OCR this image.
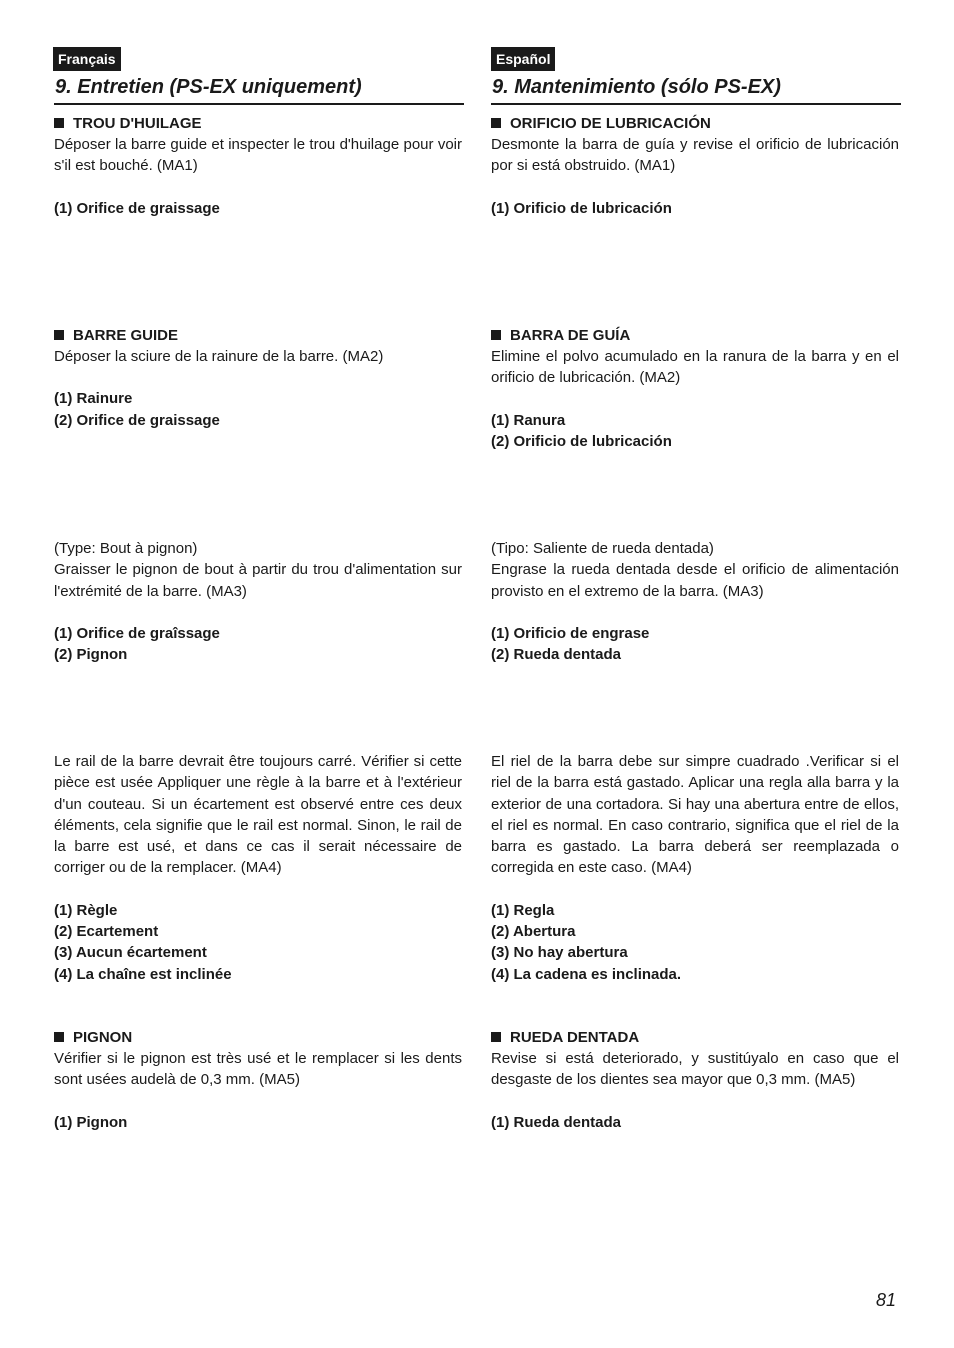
Français
9. Entretien (PS-EX uniquement)
TROU D'HUILAGE

Déposer la barre guide et inspecter le trou d'huilage pour voir s'il est bouché. (MA1)

(1) Orifice de graissage
BARRE GUIDE

Déposer la sciure de la rainure de la barre. (MA2)

(1) Rainure
(2) Orifice de graissage

(Type: Bout à pignon)

Graisser le pignon de bout à partir du trou d'alimentation sur l'extrémité de la barre. (MA3)

(1) Orifice de graîssage
(2) Pignon

Le rail de la barre devrait être toujours carré. Vérifier si cette pièce est usée Appliquer une règle à la barre et à l'extérieur d'un couteau. Si un écartement est observé entre ces deux éléments, cela signifie que le rail est normal. Sinon, le rail de la barre est usé, et dans ce cas il serait nécessaire de corriger ou de la remplacer. (MA4)

(1) Règle
(2) Ecartement
(3) Aucun écartement
(4) La chaîne est inclinée
PIGNON

Vérifier si le pignon est très usé et le remplacer si les dents sont usées audelà de 0,3 mm. (MA5)

(1) Pignon
Español
9. Mantenimiento (sólo PS-EX)
ORIFICIO DE LUBRICACIÓN

Desmonte la barra de guía y revise el orificio de lubricación por si está obstruido. (MA1)

(1) Orificio de lubricación
BARRA DE GUÍA

Elimine el polvo acumulado en la ranura de la barra y en el orificio de lubricación. (MA2)

(1) Ranura
(2) Orificio de lubricación

(Tipo: Saliente de rueda dentada)

Engrase la rueda dentada desde el orificio de alimentación provisto en el extremo de la barra. (MA3)

(1) Orificio de engrase
(2) Rueda dentada

El riel de la barra debe sur simpre cuadrado .Verificar si el riel de la barra está gastado. Aplicar una regla alla barra y la exterior de una cortadora. Si hay una abertura entre de ellos, el riel es normal. En caso contrario, significa que el riel de la barra es gastado. La barra deberá ser reemplazada o corregida en este caso. (MA4)

(1) Regla
(2) Abertura
(3) No hay abertura
(4) La cadena es inclinada.
RUEDA DENTADA

Revise si está deteriorado, y sustitúyalo en caso que el desgaste de los dientes sea mayor que 0,3 mm. (MA5)

(1) Rueda dentada
81
